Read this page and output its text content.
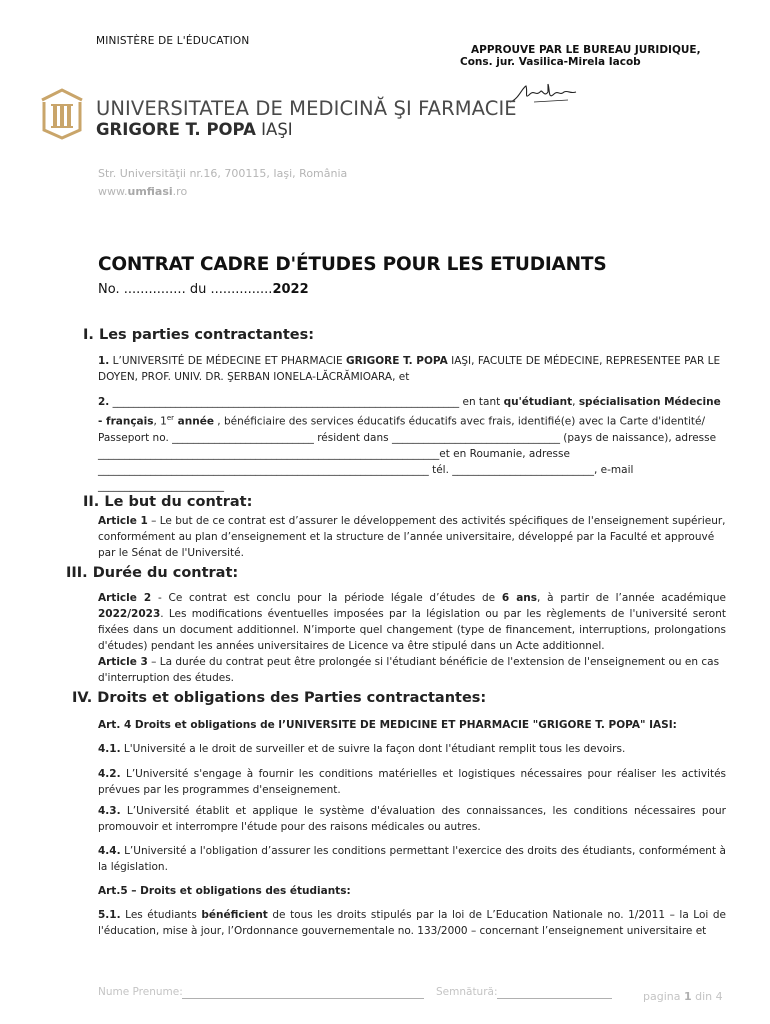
MINISTÈRE DE L'ÉDUCATION
APPROUVE PAR LE BUREAU JURIDIQUE,
Cons. jur. Vasilica-Mirela Iacob
UNIVERSITATEA DE MEDICINĂ ŞI FARMACIE
GRIGORE T. POPA IAŞI
Str. Universităţii nr.16, 700115, Iaşi, România
www.umfiasi.ro
CONTRAT CADRE D'ÉTUDES POUR LES ETUDIANTS
No. ............... du ...............2022
I. Les parties contractantes:
1. L’UNIVERSITÉ DE MÉDECINE ET PHARMACIE GRIGORE T. POPA IAŞI, FACULTE DE MÉDECINE, REPRESENTEE PAR LE DOYEN, PROF. UNIV. DR. ŞERBAN IONELA-LĂCRĂMIOARA, et
2. __________________________________________________________________ en tant qu'étudiant, spécialisation Médecine - français, 1er année , bénéficiaire des services éducatifs éducatifs avec frais, identifié(e) avec la Carte d'identité/ Passeport no. ___________________________ résident dans ________________________________ (pays de naissance), adresse _________________________________________________________________et en Roumanie, adresse _______________________________________________________________ tél. ___________________________, e-mail ________________________
II. Le but du contrat:
Article 1 – Le but de ce contrat est d’assurer le développement des activités spécifiques de l'enseignement supérieur, conformément au plan d’enseignement et la structure de l’année universitaire, développé par la Faculté et approuvé par le Sénat de l'Université.
III. Durée du contrat:
Article 2 - Ce contrat est conclu pour la période légale d’études de 6 ans, à partir de l’année académique 2022/2023. Les modifications éventuelles imposées par la législation ou par les règlements de l'université seront fixées dans un document additionnel. N’importe quel changement (type de financement, interruptions, prolongations d'études) pendant les années universitaires de Licence va être stipulé dans un Acte additionnel.
Article 3 – La durée du contrat peut être prolongée si l'étudiant bénéficie de l'extension de l'enseignement ou en cas d'interruption des études.
IV. Droits et obligations des Parties contractantes:
Art. 4 Droits et obligations de l’UNIVERSITE DE MEDICINE ET PHARMACIE "GRIGORE T. POPA" IASI:
4.1. L'Université a le droit de surveiller et de suivre la façon dont l'étudiant remplit tous les devoirs.
4.2. L’Université s'engage à fournir les conditions matérielles et logistiques nécessaires pour réaliser les activités prévues par les programmes d'enseignement.
4.3. L’Université établit et applique le système d'évaluation des connaissances, les conditions nécessaires pour promouvoir et interrompre l'étude pour des raisons médicales ou autres.
4.4. L’Université a l'obligation d’assurer les conditions permettant l'exercice des droits des étudiants, conformément à la législation.
Art.5 – Droits et obligations des étudiants:
5.1. Les étudiants bénéficient de tous les droits stipulés par la loi de L’Education Nationale no. 1/2011 – la Loi de l'éducation, mise à jour, l’Ordonnance gouvernementale no. 133/2000 – concernant l’enseignement universitaire et
Nume Prenume:	Semnătură:	pagina 1 din 4
